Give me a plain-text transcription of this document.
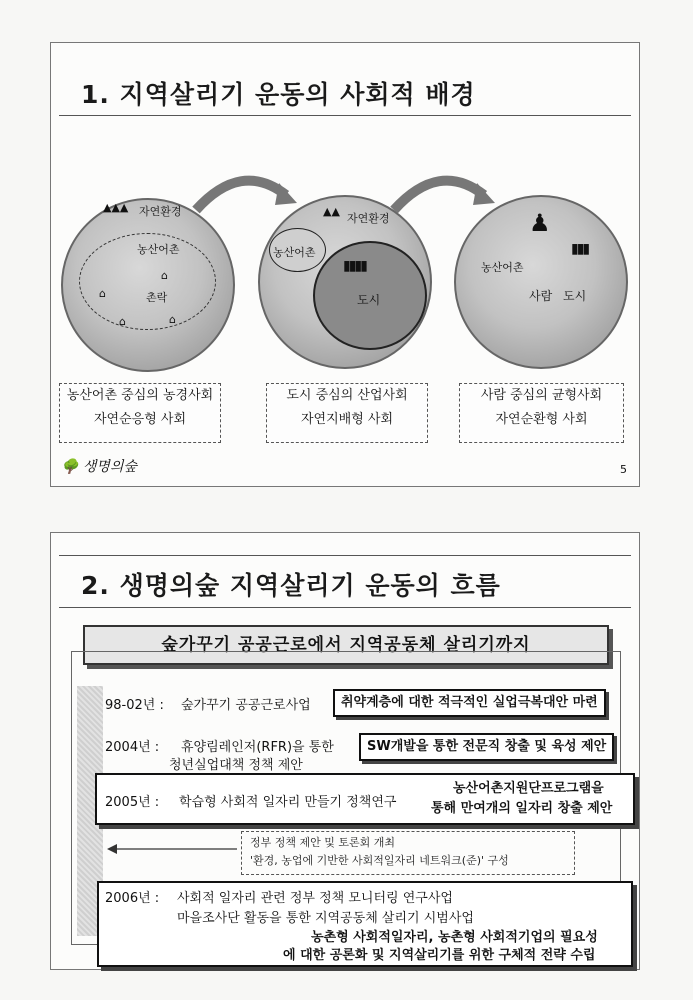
1. 지역살리기 운동의 사회적 배경
▲▲▲ 자연환경
농산어촌
촌락
⌂
⌂
⌂
⌂
▲▲
자연환경
농산어촌
도시
▮▮▮▮	농산어촌
사람 도시
♟
▮▮▮
농산어촌 중심의 농경사회
자연순응형 사회
도시 중심의 산업사회
자연지배형 사회
사람 중심의 균형사회
자연순환형 사회
🌳 생명의숲	5
2. 생명의숲 지역살리기 운동의 흐름
숲가꾸기 공공근로에서 지역공동체 살리기까지
98-02년 : 숲가꾸기 공공근로사업	취약계층에 대한 적극적인 실업극복대안 마련
2004년 : 휴양림레인저(RFR)을 통한
청년실업대책 정책 제안
SW개발을 통한 전문직 창출 및 육성 제안
2005년 : 학습형 사회적 일자리 만들기 정책연구
농산어촌지원단프로그램을
통해 만여개의 일자리 창출 제안
정부 정책 제안 및 토론회 개최
'환경, 농업에 기반한 사회적일자리 네트워크(준)' 구성
2006년 : 사회적 일자리 관련 정부 정책 모니터링 연구사업
마을조사단 활동을 통한 지역공동체 살리기 시범사업
농촌형 사회적일자리, 농촌형 사회적기업의 필요성
에 대한 공론화 및 지역살리기를 위한 구체적 전략 수립
